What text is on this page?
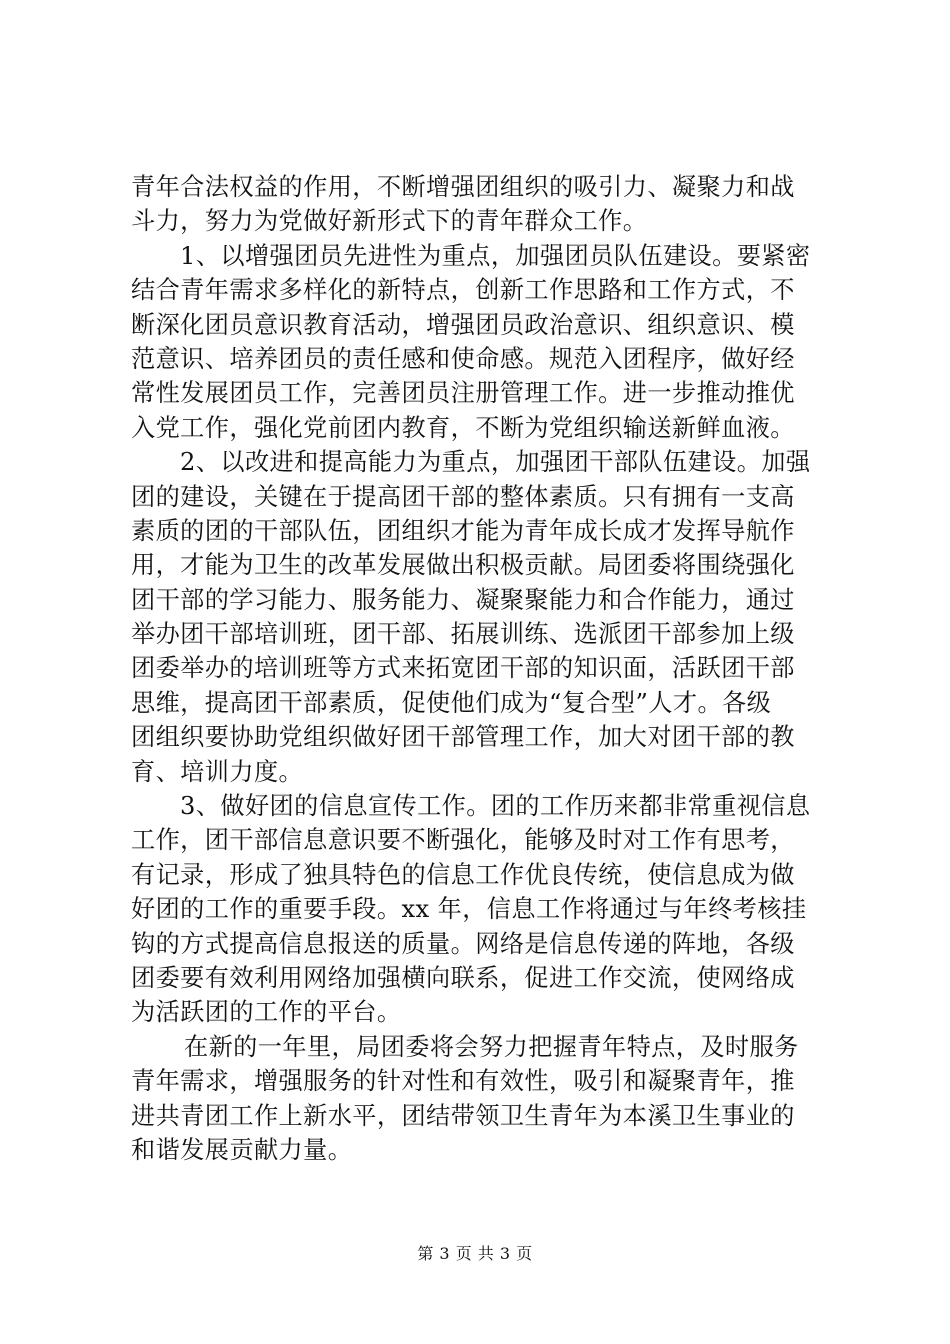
青年合法权益的作用，不断增强团组织的吸引力、凝聚力和战
斗力，努力为党做好新形式下的青年群众工作。
1、以增强团员先进性为重点，加强团员队伍建设。要紧密
结合青年需求多样化的新特点，创新工作思路和工作方式，不
断深化团员意识教育活动，增强团员政治意识、组织意识、模
范意识、培养团员的责任感和使命感。规范入团程序，做好经
常性发展团员工作，完善团员注册管理工作。进一步推动推优
入党工作，强化党前团内教育，不断为党组织输送新鲜血液。
2、以改进和提高能力为重点，加强团干部队伍建设。加强
团的建设，关键在于提高团干部的整体素质。只有拥有一支高
素质的团的干部队伍，团组织才能为青年成长成才发挥导航作
用，才能为卫生的改革发展做出积极贡献。局团委将围绕强化
团干部的学习能力、服务能力、凝聚聚能力和合作能力，通过
举办团干部培训班，团干部、拓展训练、选派团干部参加上级
团委举办的培训班等方式来拓宽团干部的知识面，活跃团干部
思维，提高团干部素质，促使他们成为“复合型”人才。各级
团组织要协助党组织做好团干部管理工作，加大对团干部的教
育、培训力度。
3、做好团的信息宣传工作。团的工作历来都非常重视信息
工作，团干部信息意识要不断强化，能够及时对工作有思考，
有记录，形成了独具特色的信息工作优良传统，使信息成为做
好团的工作的重要手段。xx 年，信息工作将通过与年终考核挂
钩的方式提高信息报送的质量。网络是信息传递的阵地，各级
团委要有效利用网络加强横向联系，促进工作交流，使网络成
为活跃团的工作的平台。
在新的一年里，局团委将会努力把握青年特点，及时服务
青年需求，增强服务的针对性和有效性，吸引和凝聚青年，推
进共青团工作上新水平，团结带领卫生青年为本溪卫生事业的
和谐发展贡献力量。
第 3 页 共 3 页
